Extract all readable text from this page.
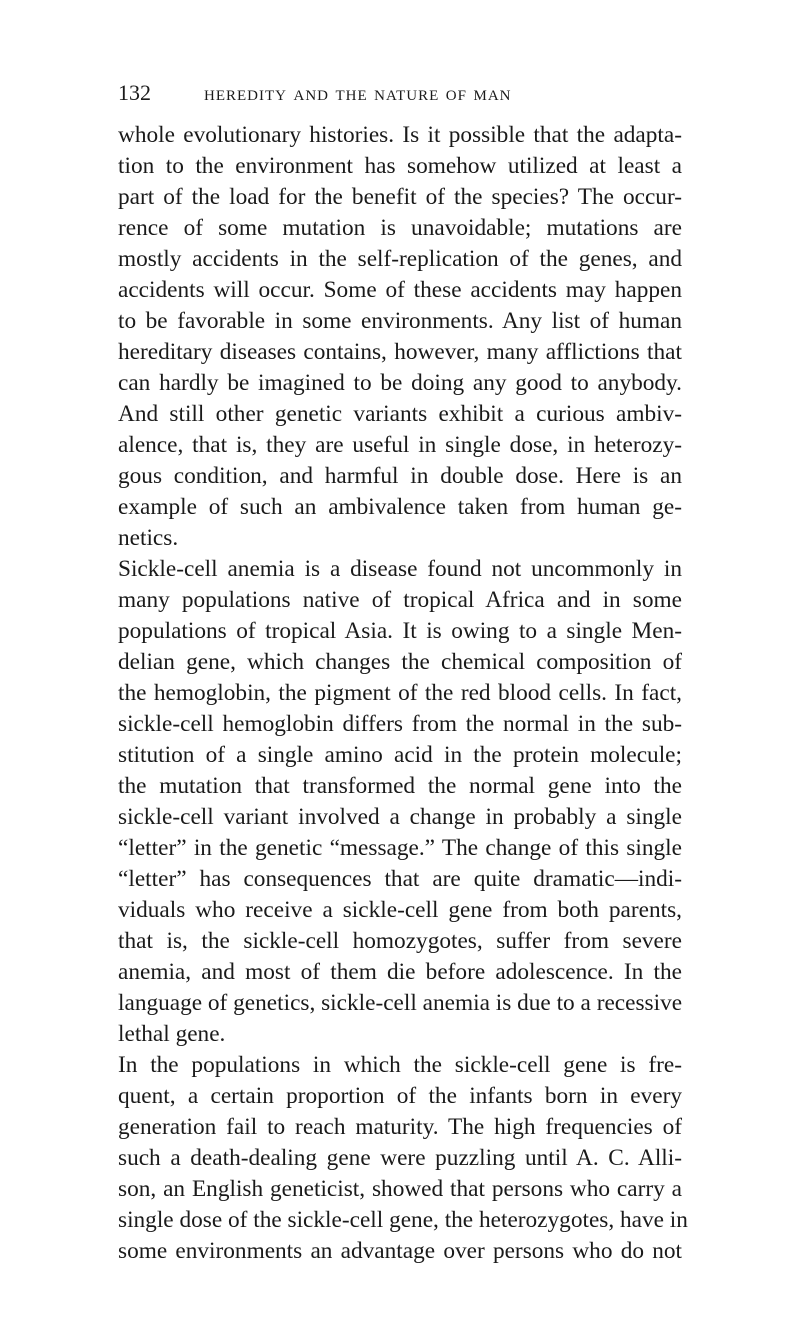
132 heredity and the nature of man
whole evolutionary histories. Is it possible that the adapta-
tion to the environment has somehow utilized at least a
part of the load for the benefit of the species? The occur-
rence of some mutation is unavoidable; mutations are
mostly accidents in the self-replication of the genes, and
accidents will occur. Some of these accidents may happen
to be favorable in some environments. Any list of human
hereditary diseases contains, however, many afflictions that
can hardly be imagined to be doing any good to anybody.
And still other genetic variants exhibit a curious ambiv-
alence, that is, they are useful in single dose, in heterozy-
gous condition, and harmful in double dose. Here is an
example of such an ambivalence taken from human ge-
netics.
Sickle-cell anemia is a disease found not uncommonly in
many populations native of tropical Africa and in some
populations of tropical Asia. It is owing to a single Men-
delian gene, which changes the chemical composition of
the hemoglobin, the pigment of the red blood cells. In fact,
sickle-cell hemoglobin differs from the normal in the sub-
stitution of a single amino acid in the protein molecule;
the mutation that transformed the normal gene into the
sickle-cell variant involved a change in probably a single
“letter” in the genetic “message.” The change of this single
“letter” has consequences that are quite dramatic—indi-
viduals who receive a sickle-cell gene from both parents,
that is, the sickle-cell homozygotes, suffer from severe
anemia, and most of them die before adolescence. In the
language of genetics, sickle-cell anemia is due to a recessive
lethal gene.
In the populations in which the sickle-cell gene is fre-
quent, a certain proportion of the infants born in every
generation fail to reach maturity. The high frequencies of
such a death-dealing gene were puzzling until A. C. Alli-
son, an English geneticist, showed that persons who carry a
single dose of the sickle-cell gene, the heterozygotes, have in
some environments an advantage over persons who do not
